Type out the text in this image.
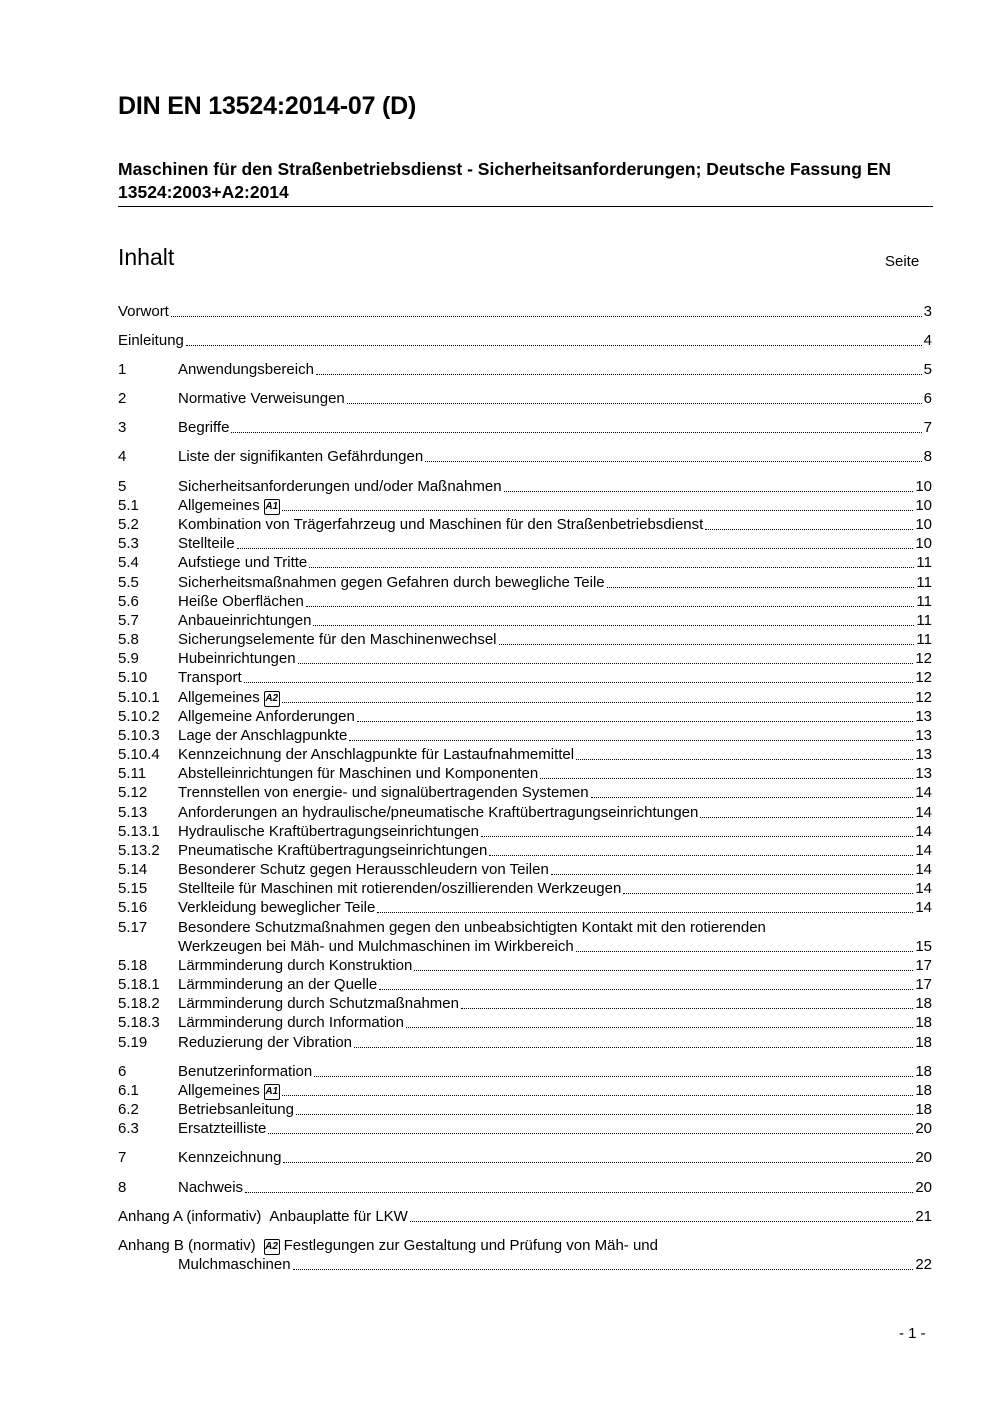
DIN EN 13524:2014-07 (D)
Maschinen für den Straßenbetriebsdienst - Sicherheitsanforderungen; Deutsche Fassung EN 13524:2003+A2:2014
Inhalt	Seite
Vorwort	3
Einleitung	4
1	Anwendungsbereich	5
2	Normative Verweisungen	6
3	Begriffe	7
4	Liste der signifikanten Gefährdungen	8
5	Sicherheitsanforderungen und/oder Maßnahmen	10
5.1	Allgemeines A1	10
5.2	Kombination von Trägerfahrzeug und Maschinen für den Straßenbetriebsdienst	10
5.3	Stellteile	10
5.4	Aufstiege und Tritte	11
5.5	Sicherheitsmaßnahmen gegen Gefahren durch bewegliche Teile	11
5.6	Heiße Oberflächen	11
5.7	Anbaueinrichtungen	11
5.8	Sicherungselemente für den Maschinenwechsel	11
5.9	Hubeinrichtungen	12
5.10	Transport	12
5.10.1	Allgemeines A2	12
5.10.2	Allgemeine Anforderungen	13
5.10.3	Lage der Anschlagpunkte	13
5.10.4	Kennzeichnung der Anschlagpunkte für Lastaufnahmemittel	13
5.11	Abstelleinrichtungen für Maschinen und Komponenten	13
5.12	Trennstellen von energie- und signalübertragenden Systemen	14
5.13	Anforderungen an hydraulische/pneumatische Kraftübertragungseinrichtungen	14
5.13.1	Hydraulische Kraftübertragungseinrichtungen	14
5.13.2	Pneumatische Kraftübertragungseinrichtungen	14
5.14	Besonderer Schutz gegen Herausschleudern von Teilen	14
5.15	Stellteile für Maschinen mit rotierenden/oszillierenden Werkzeugen	14
5.16	Verkleidung beweglicher Teile	14
5.17	Besondere Schutzmaßnahmen gegen den unbeabsichtigten Kontakt mit den rotierenden
Werkzeugen bei Mäh- und Mulchmaschinen im Wirkbereich	15
5.18	Lärmminderung durch Konstruktion	17
5.18.1	Lärmminderung an der Quelle	17
5.18.2	Lärmminderung durch Schutzmaßnahmen	18
5.18.3	Lärmminderung durch Information	18
5.19	Reduzierung der Vibration	18
6	Benutzerinformation	18
6.1	Allgemeines A1	18
6.2	Betriebsanleitung	18
6.3	Ersatzteilliste	20
7	Kennzeichnung	20
8	Nachweis	20
Anhang A (informativ) Anbauplatte für LKW	21
Anhang B (normativ) A2 Festlegungen zur Gestaltung und Prüfung von Mäh- und
Mulchmaschinen	22
- 1 -
